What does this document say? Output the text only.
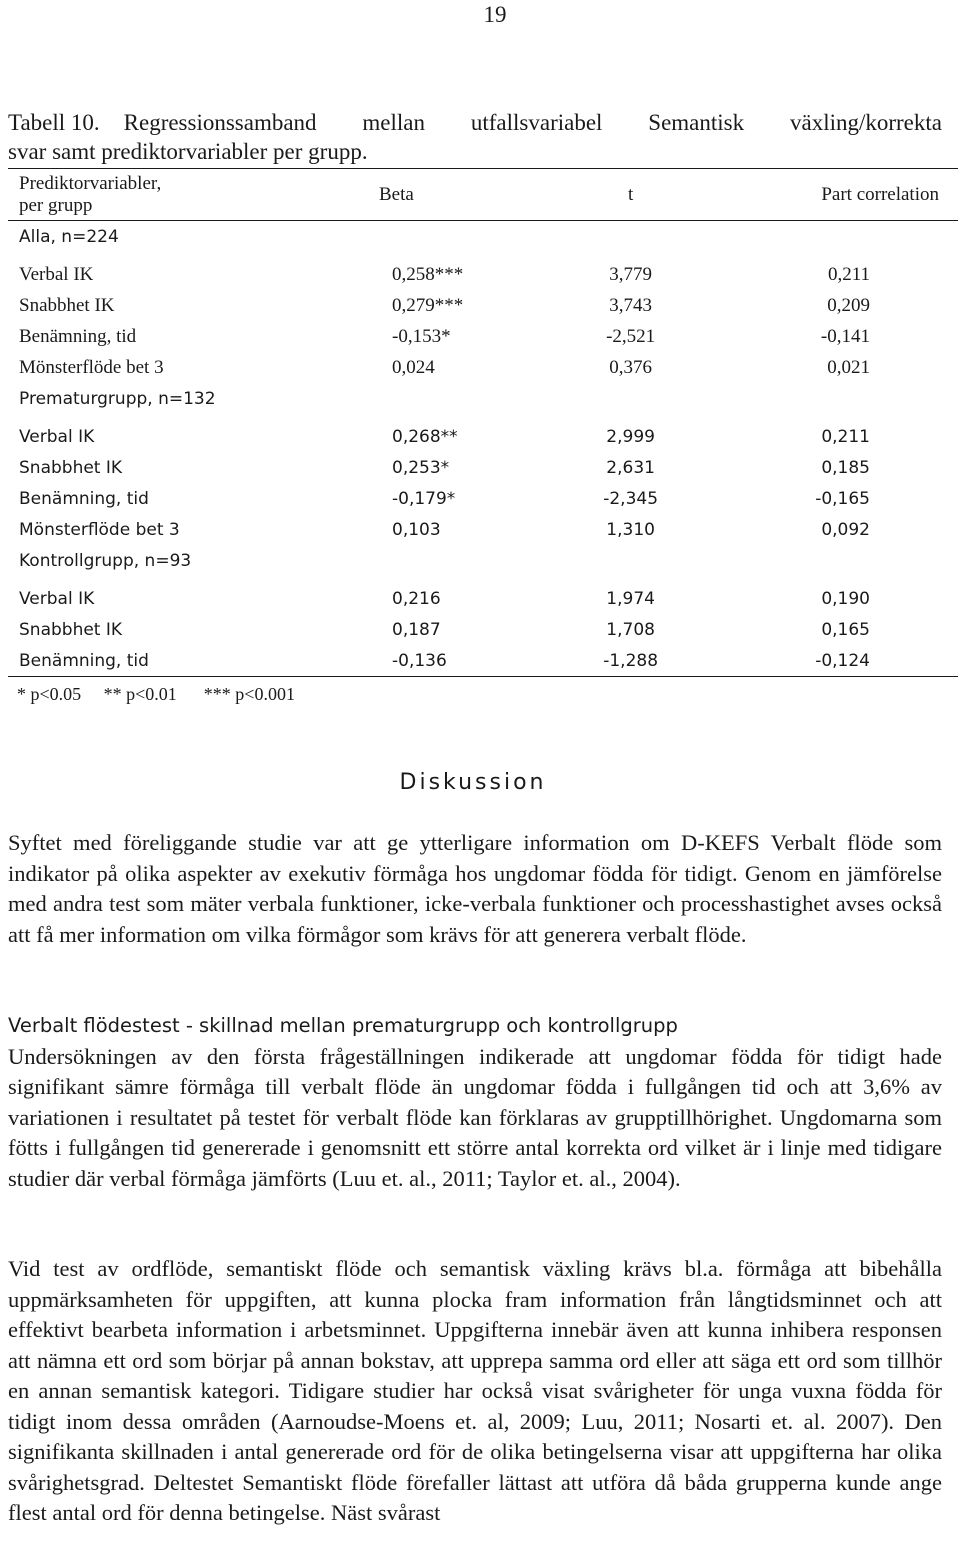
19
Tabell 10. Regressionssamband mellan utfallsvariabel Semantisk växling/korrekta
svar samt prediktorvariabler per grupp.
Prediktorvariabler,
per grupp	Beta	t	Part correlation
Alla, n=224			
Verbal IK	0,258***	3,779	0,211
Snabbhet IK	0,279***	3,743	0,209
Benämning, tid	-0,153*	-2,521	-0,141
Mönsterflöde bet 3	0,024	0,376	0,021
Prematurgrupp, n=132			
Verbal IK	0,268**	2,999	0,211
Snabbhet IK	0,253*	2,631	0,185
Benämning, tid	-0,179*	-2,345	-0,165
Mönsterflöde bet 3	0,103	1,310	0,092
Kontrollgrupp, n=93			
Verbal IK	0,216	1,974	0,190
Snabbhet IK	0,187	1,708	0,165
Benämning, tid	-0,136	-1,288	-0,124
* p<0.05     ** p<0.01      *** p<0.001
Diskussion

Syftet med föreliggande studie var att ge ytterligare information om D-KEFS Verbalt flöde som indikator på olika aspekter av exekutiv förmåga hos ungdomar födda för tidigt. Genom en jämförelse med andra test som mäter verbala funktioner, icke-verbala funktioner och processhastighet avses också att få mer information om vilka förmågor som krävs för att generera verbalt flöde.

Verbalt flödestest - skillnad mellan prematurgrupp och kontrollgrupp
Undersökningen av den första frågeställningen indikerade att ungdomar födda för tidigt hade signifikant sämre förmåga till verbalt flöde än ungdomar födda i fullgången tid och att 3,6% av variationen i resultatet på testet för verbalt flöde kan förklaras av grupptillhörighet. Ungdomarna som fötts i fullgången tid genererade i genomsnitt ett större antal korrekta ord vilket är i linje med tidigare studier där verbal förmåga jämförts (Luu et. al., 2011; Taylor et. al., 2004).

Vid test av ordflöde, semantiskt flöde och semantisk växling krävs bl.a. förmåga att bibehålla uppmärksamheten för uppgiften, att kunna plocka fram information från långtidsminnet och att effektivt bearbeta information i arbetsminnet. Uppgifterna innebär även att kunna inhibera responsen att nämna ett ord som börjar på annan bokstav, att upprepa samma ord eller att säga ett ord som tillhör en annan semantisk kategori. Tidigare studier har också visat svårigheter för unga vuxna födda för tidigt inom dessa områden (Aarnoudse-Moens et. al, 2009; Luu, 2011; Nosarti et. al. 2007). Den signifikanta skillnaden i antal genererade ord för de olika betingelserna visar att uppgifterna har olika svårighetsgrad. Deltestet Semantiskt flöde förefaller lättast att utföra då båda grupperna kunde ange flest antal ord för denna betingelse. Näst svårast
